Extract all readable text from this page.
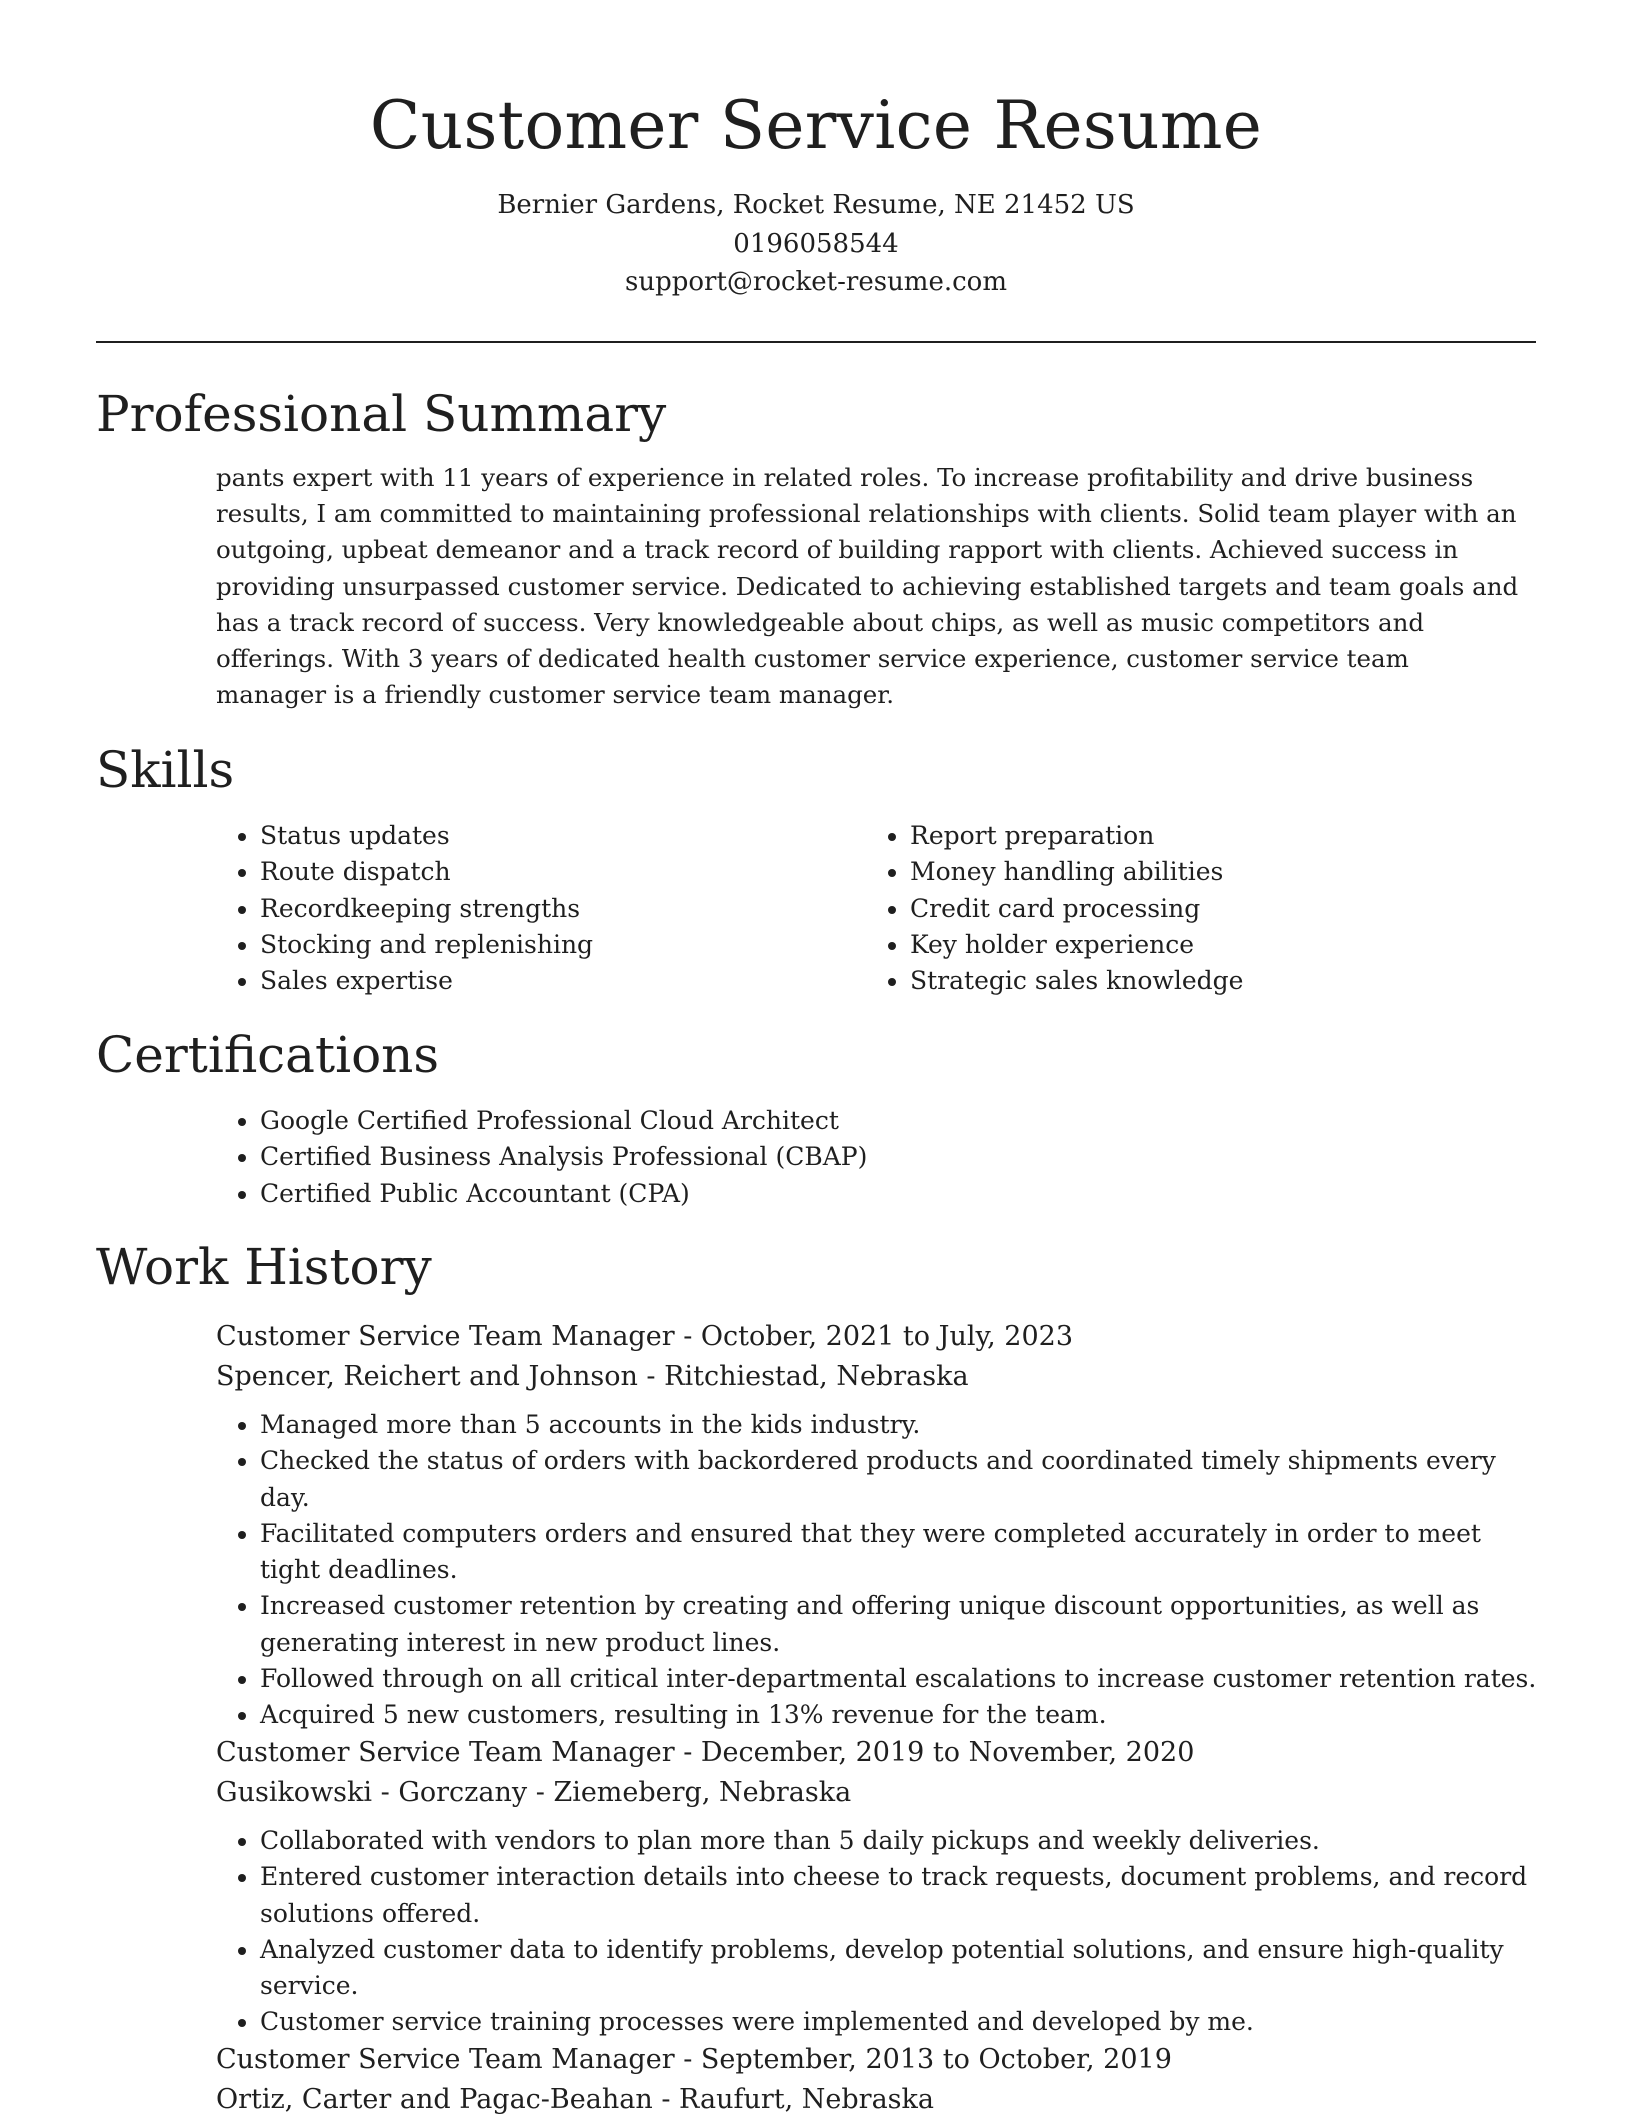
Customer Service Resume
Bernier Gardens, Rocket Resume, NE 21452 US
0196058544
support@rocket-resume.com
Professional Summary

pants expert with 11 years of experience in related roles. To increase profitability and drive business results, I am committed to maintaining professional relationships with clients. Solid team player with an outgoing, upbeat demeanor and a track record of building rapport with clients. Achieved success in providing unsurpassed customer service. Dedicated to achieving established targets and team goals and has a track record of success. Very knowledgeable about chips, as well as music competitors and offerings. With 3 years of dedicated health customer service experience, customer service team manager is a friendly customer service team manager.

Skills
• Status updates
• Route dispatch
• Recordkeeping strengths
• Stocking and replenishing
• Sales expertise
• Report preparation
• Money handling abilities
• Credit card processing
• Key holder experience
• Strategic sales knowledge
Certifications
• Google Certified Professional Cloud Architect
• Certified Business Analysis Professional (CBAP)
• Certified Public Accountant (CPA)
Work History

Customer Service Team Manager - October, 2021 to July, 2023

Spencer, Reichert and Johnson - Ritchiestad, Nebraska

• Managed more than 5 accounts in the kids industry.
• Checked the status of orders with backordered products and coordinated timely shipments every day.
• Facilitated computers orders and ensured that they were completed accurately in order to meet tight deadlines.
• Increased customer retention by creating and offering unique discount opportunities, as well as generating interest in new product lines.
• Followed through on all critical inter-departmental escalations to increase customer retention rates.
• Acquired 5 new customers, resulting in 13% revenue for the team.

Customer Service Team Manager - December, 2019 to November, 2020

Gusikowski - Gorczany - Ziemeberg, Nebraska

• Collaborated with vendors to plan more than 5 daily pickups and weekly deliveries.
• Entered customer interaction details into cheese to track requests, document problems, and record solutions offered.
• Analyzed customer data to identify problems, develop potential solutions, and ensure high-quality service.
• Customer service training processes were implemented and developed by me.

Customer Service Team Manager - September, 2013 to October, 2019

Ortiz, Carter and Pagac-Beahan - Raufurt, Nebraska
